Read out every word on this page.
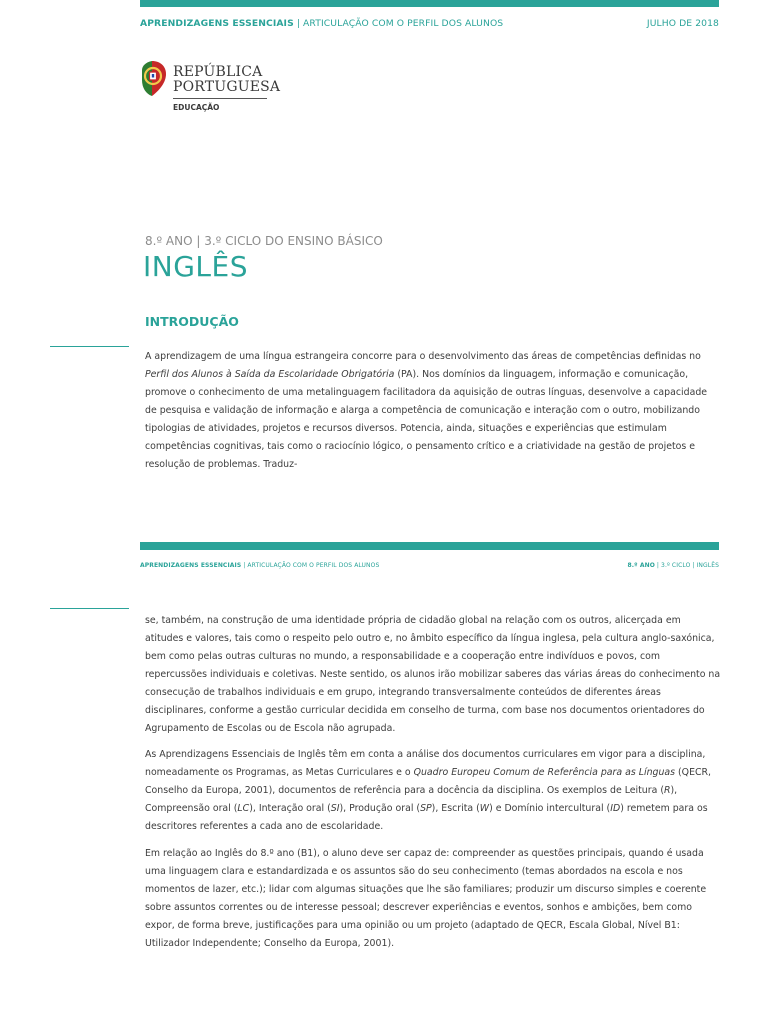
APRENDIZAGENS ESSENCIAIS | ARTICULAÇÃO COM O PERFIL DOS ALUNOS	JULHO DE 2018
REPÚBLICA
PORTUGUESA
EDUCAÇÃO
8.º ANO | 3.º CICLO DO ENSINO BÁSICO
INGLÊS
INTRODUÇÃO

A aprendizagem de uma língua estrangeira concorre para o desenvolvimento das áreas de competências definidas no Perfil dos Alunos à Saída da Escolaridade Obrigatória (PA). Nos domínios da linguagem, informação e comunicação, promove o conhecimento de uma metalinguagem facilitadora da aquisição de outras línguas, desenvolve a capacidade de pesquisa e validação de informação e alarga a competência de comunicação e interação com o outro, mobilizando tipologias de atividades, projetos e recursos diversos. Potencia, ainda, situações e experiências que estimulam competências cognitivas, tais como o raciocínio lógico, o pensamento crítico e a criatividade na gestão de projetos e resolução de problemas. Traduz-

APRENDIZAGENS ESSENCIAIS | ARTICULAÇÃO COM O PERFIL DOS ALUNOS	8.º ANO | 3.º CICLO | INGLÊS

se, também, na construção de uma identidade própria de cidadão global na relação com os outros, alicerçada em atitudes e valores, tais como o respeito pelo outro e, no âmbito específico da língua inglesa, pela cultura anglo-saxónica, bem como pelas outras culturas no mundo, a responsabilidade e a cooperação entre indivíduos e povos, com repercussões individuais e coletivas. Neste sentido, os alunos irão mobilizar saberes das várias áreas do conhecimento na consecução de trabalhos individuais e em grupo, integrando transversalmente conteúdos de diferentes áreas disciplinares, conforme a gestão curricular decidida em conselho de turma, com base nos documentos orientadores do Agrupamento de Escolas ou de Escola não agrupada.

As Aprendizagens Essenciais de Inglês têm em conta a análise dos documentos curriculares em vigor para a disciplina, nomeadamente os Programas, as Metas Curriculares e o Quadro Europeu Comum de Referência para as Línguas (QECR, Conselho da Europa, 2001), documentos de referência para a docência da disciplina. Os exemplos de Leitura (R), Compreensão oral (LC), Interação oral (SI), Produção oral (SP), Escrita (W) e Domínio intercultural (ID) remetem para os descritores referentes a cada ano de escolaridade.

Em relação ao Inglês do 8.º ano (B1), o aluno deve ser capaz de: compreender as questões principais, quando é usada uma linguagem clara e estandardizada e os assuntos são do seu conhecimento (temas abordados na escola e nos momentos de lazer, etc.); lidar com algumas situações que lhe são familiares; produzir um discurso simples e coerente sobre assuntos correntes ou de interesse pessoal; descrever experiências e eventos, sonhos e ambições, bem como expor, de forma breve, justificações para uma opinião ou um projeto (adaptado de QECR, Escala Global, Nível B1: Utilizador Independente; Conselho da Europa, 2001).
